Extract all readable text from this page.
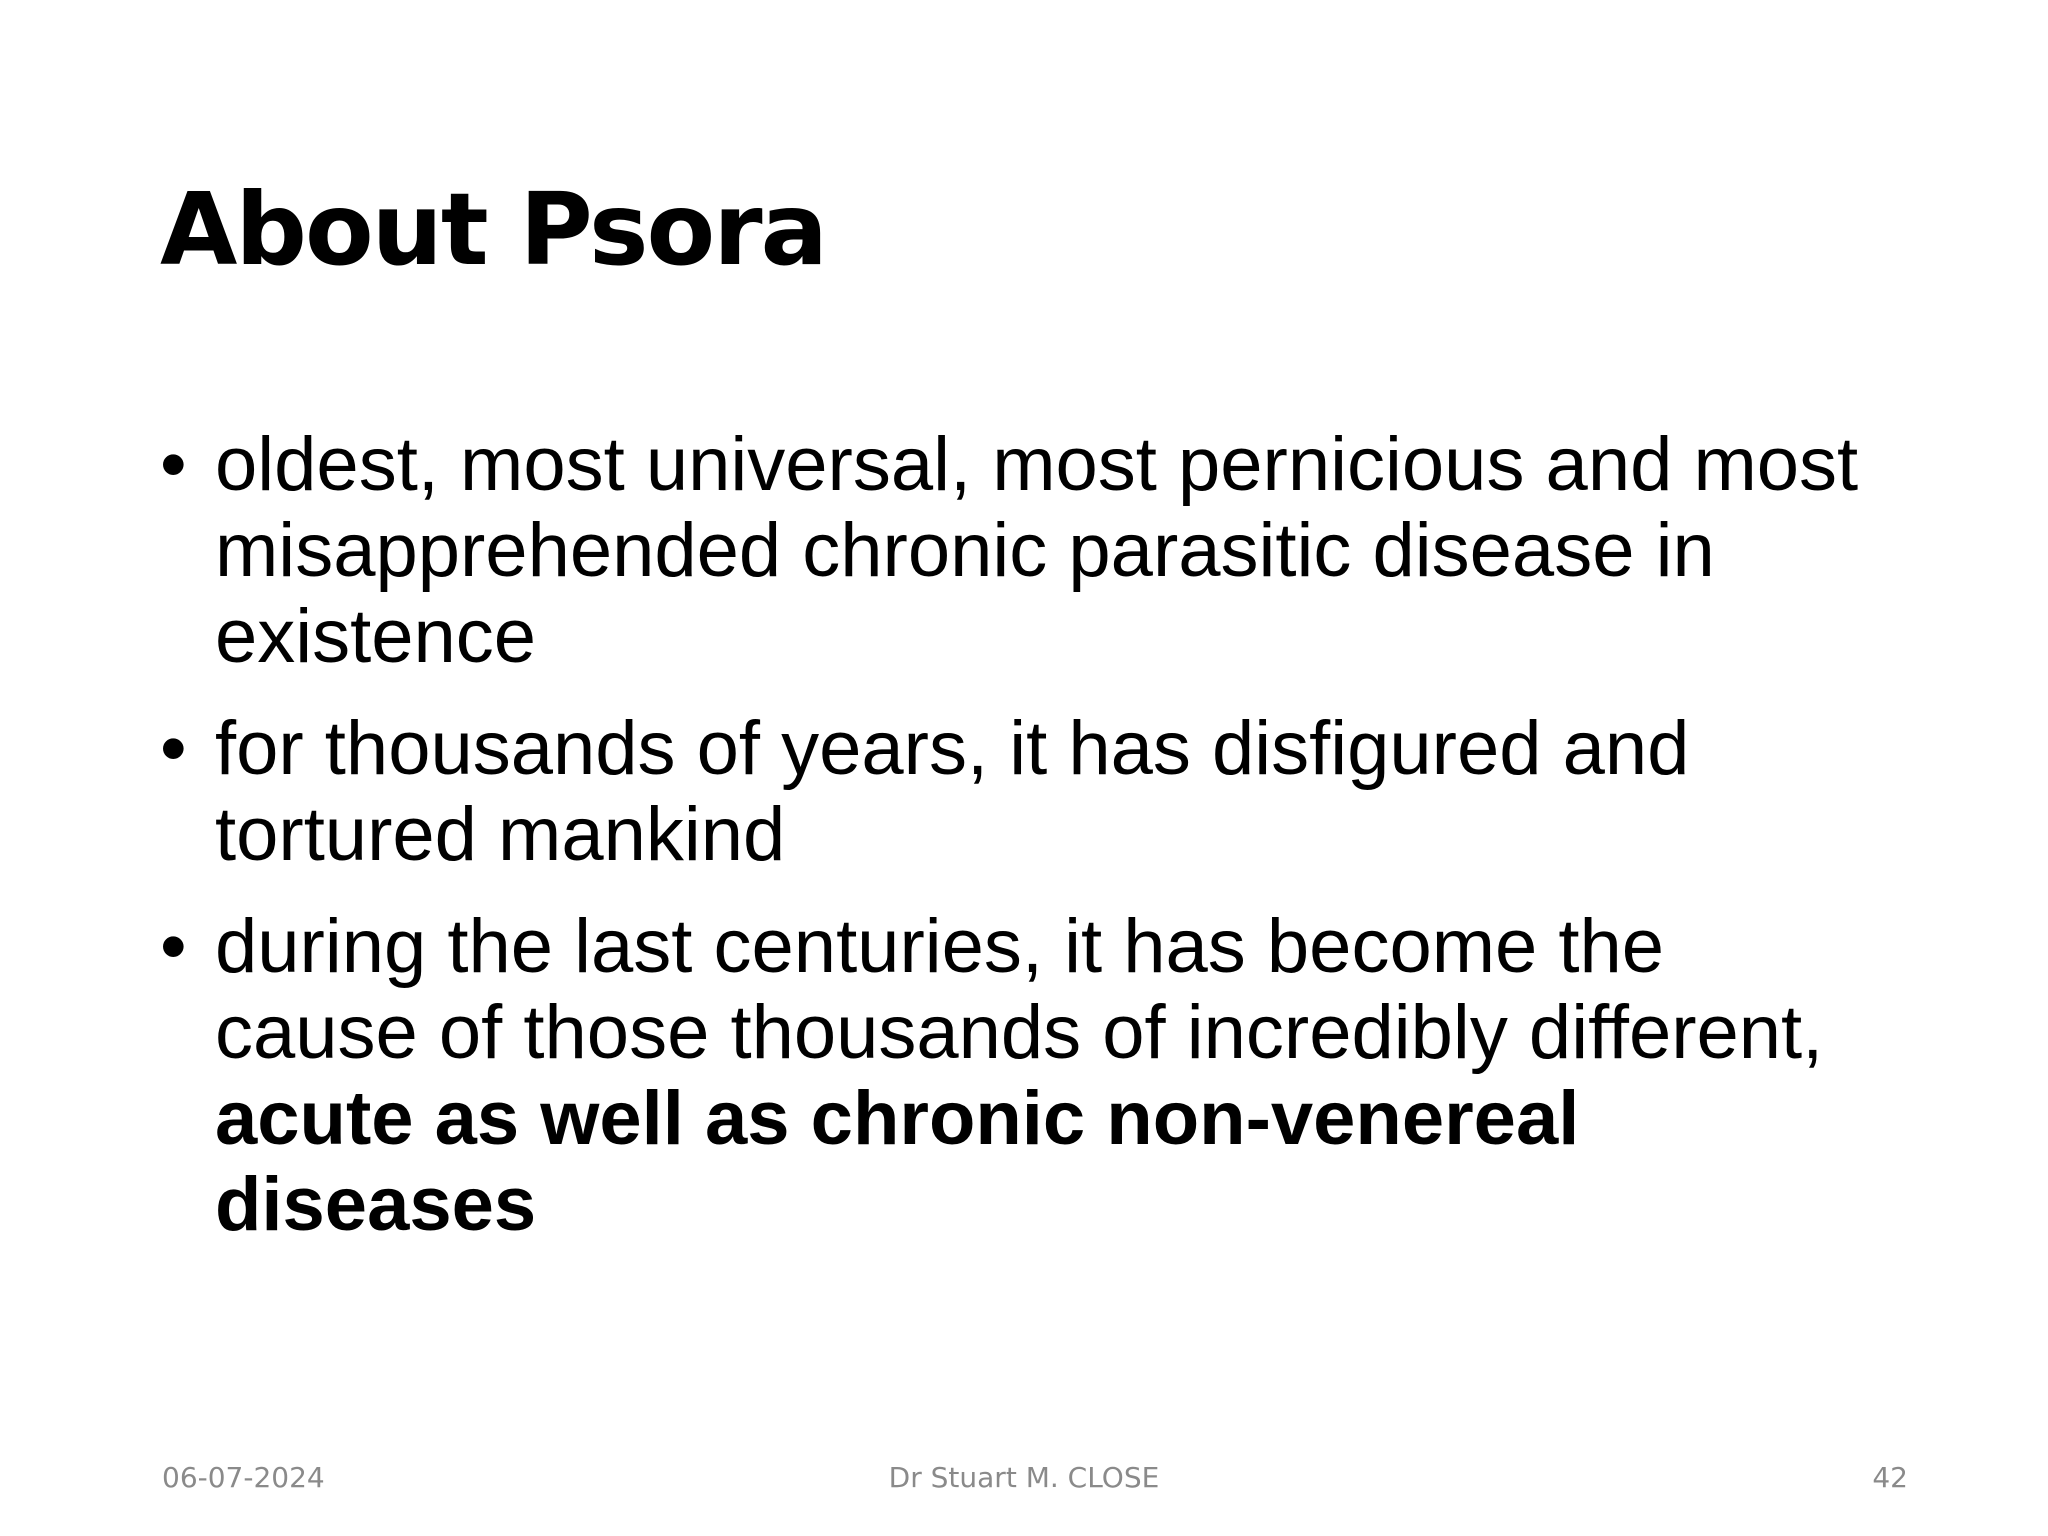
About Psora
• oldest, most universal, most pernicious and most misapprehended chronic parasitic disease in existence
• for thousands of years, it has disfigured and tortured mankind
• during the last centuries, it has become the cause of those thousands of incredibly different, acute as well as chronic non-venereal diseases
06-07-2024	Dr Stuart M. CLOSE	42
